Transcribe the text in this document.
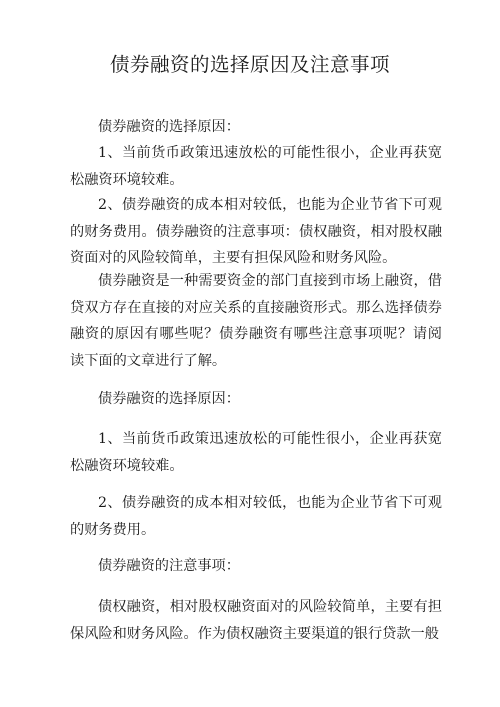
债券融资的选择原因及注意事项

债券融资的选择原因：

1、当前货币政策迅速放松的可能性很小，企业再获宽 松融资环境较难。

2、债券融资的成本相对较低，也能为企业节省下可观 的财务费用。债券融资的注意事项：债权融资，相对股权融 资面对的风险较简单，主要有担保风险和财务风险。

债券融资是一种需要资金的部门直接到市场上融资，借 贷双方存在直接的对应关系的直接融资形式。那么选择债券 融资的原因有哪些呢？债券融资有哪些注意事项呢？请阅 读下面的文章进行了解。

债券融资的选择原因：

1、当前货币政策迅速放松的可能性很小，企业再获宽松融资环境较难。

2、债券融资的成本相对较低，也能为企业节省下可观的财务费用。

债券融资的注意事项：

债权融资，相对股权融资面对的风险较简单，主要有担 保风险和财务风险。作为债权融资主要渠道的银行贷款一般
